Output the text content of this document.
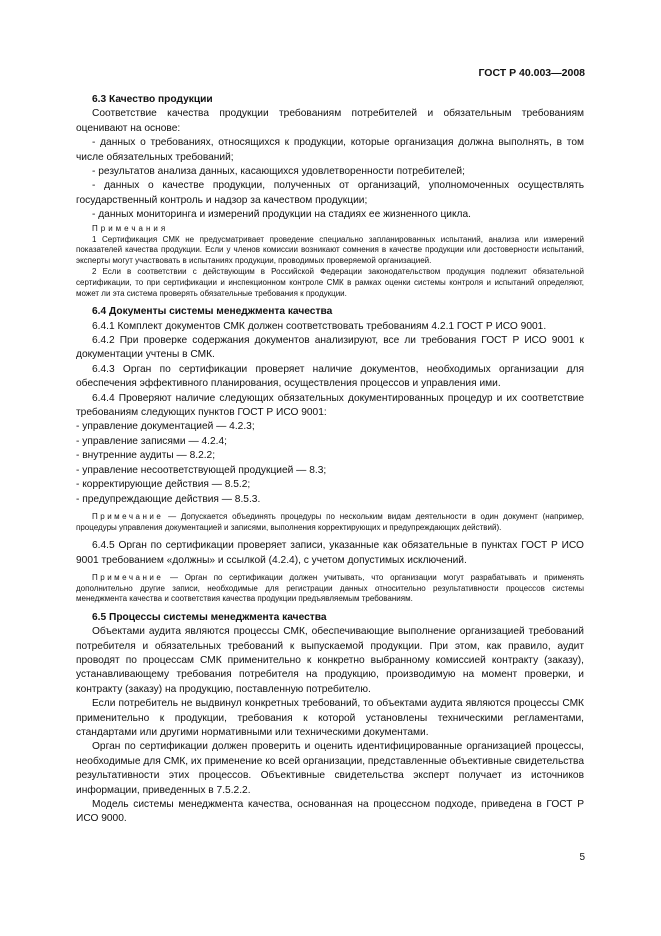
ГОСТ Р 40.003—2008
6.3 Качество продукции

Соответствие качества продукции требованиям потребителей и обязательным требованиям оценивают на основе:

- данных о требованиях, относящихся к продукции, которые организация должна выполнять, в том числе обязательных требований;

- результатов анализа данных, касающихся удовлетворенности потребителей;

- данных о качестве продукции, полученных от организаций, уполномоченных осуществлять государственный контроль и надзор за качеством продукции;

- данных мониторинга и измерений продукции на стадиях ее жизненного цикла.

Примечания

1 Сертификация СМК не предусматривает проведение специально запланированных испытаний, анализа или измерений показателей качества продукции. Если у членов комиссии возникают сомнения в качестве продукции или достоверности испытаний, эксперты могут участвовать в испытаниях продукции, проводимых проверяемой организацией.

2 Если в соответствии с действующим в Российской Федерации законодательством продукция подлежит обязательной сертификации, то при сертификации и инспекционном контроле СМК в рамках оценки системы контроля и испытаний определяют, может ли эта система проверять обязательные требования к продукции.

6.4 Документы системы менеджмента качества

6.4.1 Комплект документов СМК должен соответствовать требованиям 4.2.1 ГОСТ Р ИСО 9001.

6.4.2 При проверке содержания документов анализируют, все ли требования ГОСТ Р ИСО 9001 к документации учтены в СМК.

6.4.3 Орган по сертификации проверяет наличие документов, необходимых организации для обеспечения эффективного планирования, осуществления процессов и управления ими.

6.4.4 Проверяют наличие следующих обязательных документированных процедур и их соответствие требованиям следующих пунктов ГОСТ Р ИСО 9001:

- управление документацией — 4.2.3;

- управление записями — 4.2.4;

- внутренние аудиты — 8.2.2;

- управление несоответствующей продукцией — 8.3;

- корректирующие действия — 8.5.2;

- предупреждающие действия — 8.5.3.

Примечание — Допускается объединять процедуры по нескольким видам деятельности в один документ (например, процедуры управления документацией и записями, выполнения корректирующих и предупреждающих действий).

6.4.5 Орган по сертификации проверяет записи, указанные как обязательные в пунктах ГОСТ Р ИСО 9001 требованием «должны» и ссылкой (4.2.4), с учетом допустимых исключений.

Примечание — Орган по сертификации должен учитывать, что организации могут разрабатывать и применять дополнительно другие записи, необходимые для регистрации данных относительно результативности процессов системы менеджмента качества и соответствия качества продукции предъявляемым требованиям.

6.5 Процессы системы менеджмента качества

Объектами аудита являются процессы СМК, обеспечивающие выполнение организацией требований потребителя и обязательных требований к выпускаемой продукции. При этом, как правило, аудит проводят по процессам СМК применительно к конкретно выбранному комиссией контракту (заказу), устанавливающему требования потребителя на продукцию, производимую на момент проверки, и контракту (заказу) на продукцию, поставленную потребителю.

Если потребитель не выдвинул конкретных требований, то объектами аудита являются процессы СМК применительно к продукции, требования к которой установлены техническими регламентами, стандартами или другими нормативными или техническими документами.

Орган по сертификации должен проверить и оценить идентифицированные организацией процессы, необходимые для СМК, их применение ко всей организации, представленные объективные свидетельства результативности этих процессов. Объективные свидетельства эксперт получает из источников информации, приведенных в 7.5.2.2.

Модель системы менеджмента качества, основанная на процессном подходе, приведена в ГОСТ Р ИСО 9000.

5
